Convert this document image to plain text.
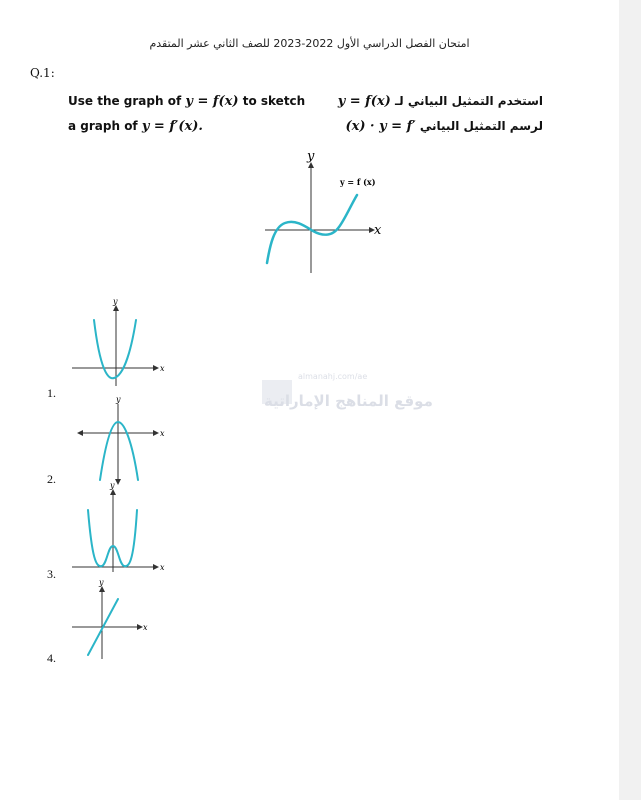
امتحان الفصل الدراسي الأول 2022-2023 للصف الثاني عشر المتقدم
Q.1:
Use the graph of y = f(x) to sketch
a graph of y = f′(x).
y = f(x) استخدم التمثيل البياني لـ
(x) · y = f′ لرسم التمثيل البياني
y
x
y = f (x)
y
x
1.	y
x
2.	y
x
3.
y
x
4.
almanahj.com/ae
موقع المناهج الإماراتية
